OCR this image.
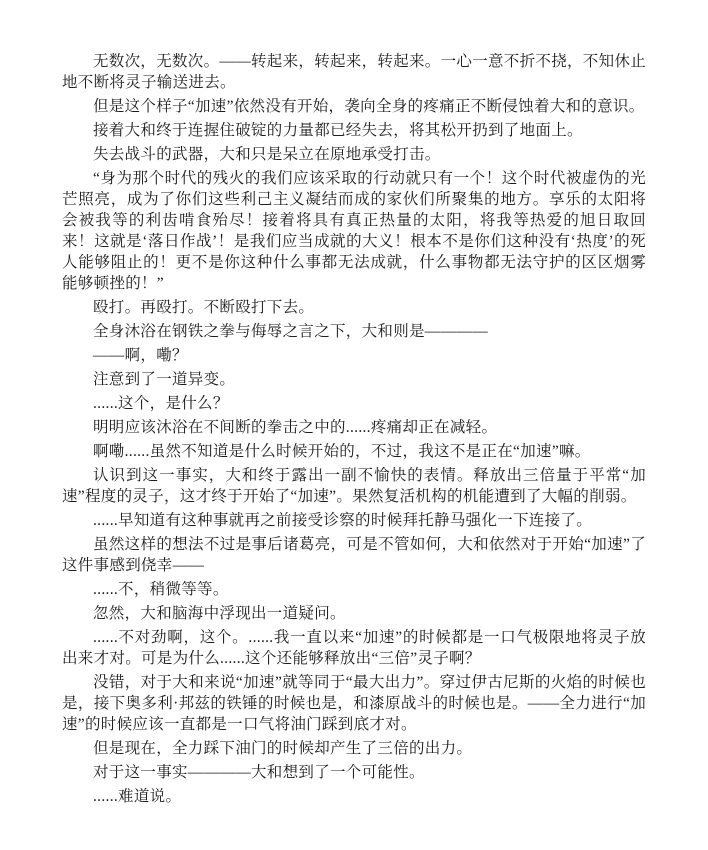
无数次，无数次。——转起来，转起来，转起来。一心一意不折不挠，不知休止地不断将灵子输送进去。

但是这个样子“加速”依然没有开始，袭向全身的疼痛正不断侵蚀着大和的意识。

接着大和终于连握住破锭的力量都已经失去，将其松开扔到了地面上。

失去战斗的武器，大和只是呆立在原地承受打击。

“身为那个时代的残火的我们应该采取的行动就只有一个！这个时代被虚伪的光芒照亮，成为了你们这些利己主义凝结而成的家伙们所聚集的地方。享乐的太阳将会被我等的利齿啃食殆尽！接着将具有真正热量的太阳，将我等热爱的旭日取回来！这就是‘落日作战’！是我们应当成就的大义！根本不是你们这种没有‘热度’的死人能够阻止的！更不是你这种什么事都无法成就，什么事物都无法守护的区区烟雾能够顿挫的！”

殴打。再殴打。不断殴打下去。

全身沐浴在钢铁之拳与侮辱之言之下，大和则是————

——啊，嘞？

注意到了一道异变。

......这个，是什么？

明明应该沐浴在不间断的拳击之中的......疼痛却正在减轻。

啊嘞......虽然不知道是什么时候开始的，不过，我这不是正在“加速”嘛。

认识到这一事实，大和终于露出一副不愉快的表情。释放出三倍量于平常“加速”程度的灵子，这才终于开始了“加速”。果然复活机构的机能遭到了大幅的削弱。

......早知道有这种事就再之前接受诊察的时候拜托静马强化一下连接了。

虽然这样的想法不过是事后诸葛亮，可是不管如何，大和依然对于开始“加速”了这件事感到侥幸——

......不，稍微等等。

忽然，大和脑海中浮现出一道疑问。

......不对劲啊，这个。......我一直以来“加速”的时候都是一口气极限地将灵子放出来才对。可是为什么......这个还能够释放出“三倍”灵子啊？

没错，对于大和来说“加速”就等同于“最大出力”。穿过伊古尼斯的火焰的时候也是，接下奥多利·邦兹的铁锤的时候也是，和漆原战斗的时候也是。——全力进行“加速”的时候应该一直都是一口气将油门踩到底才对。

但是现在，全力踩下油门的时候却产生了三倍的出力。

对于这一事实————大和想到了一个可能性。

......难道说。
